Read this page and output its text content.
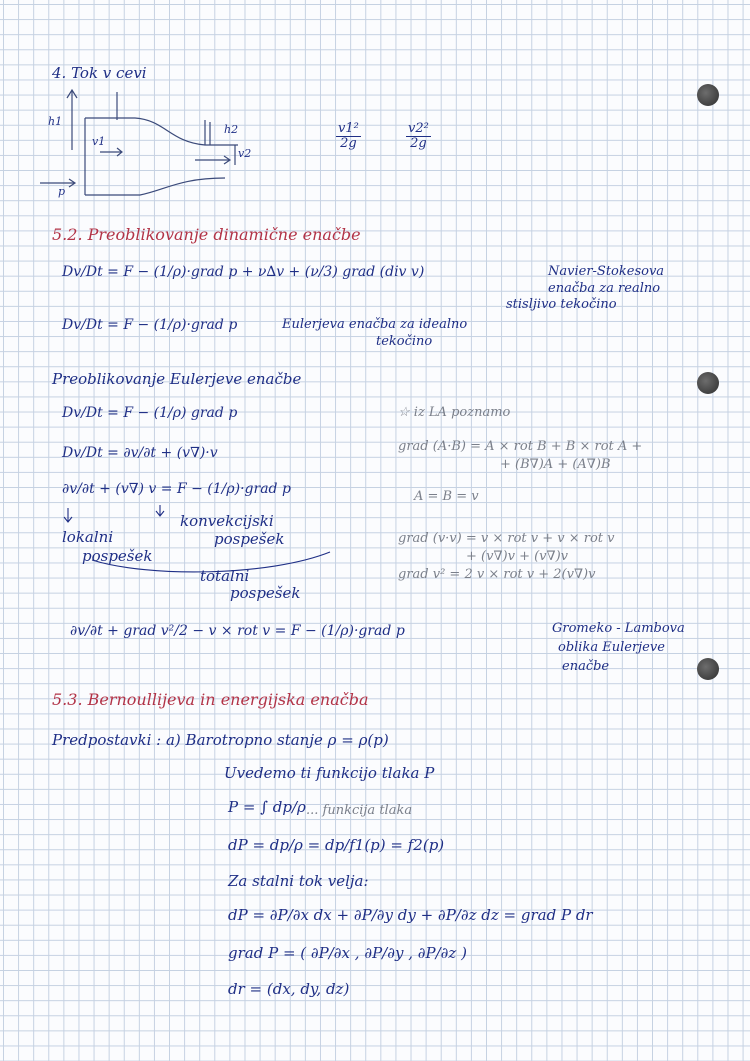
4. Tok v cevi
h1
v1
h2
v2
p
$\frac{\text{v1²}}{2g}$	$\frac{\text{v2²}}{2g}$
5.2. Preoblikovanje dinamične enačbe
Dv/Dt = F − (1/ρ)·grad p + ν∆v + (ν/3) grad (div v)	Navier-Stokesova
enačba za realno
stisljivo tekočino
Dv/Dt = F − (1/ρ)·grad p	Eulerjeva enačba za idealno
tekočino
Preoblikovanje Eulerjeve enačbe
Dv/Dt = F − (1/ρ) grad p
Dv/Dt = ∂v/∂t + (v∇)·v
∂v/∂t + (v∇) v = F − (1/ρ)·grad p
konvekcijski
pospešek
lokalni
pospešek
totalni
pospešek
☆ iz LA poznamo
grad (A·B) = A × rot B + B × rot A +
+ (B∇)A + (A∇)B
A = B = v
grad (v·v) = v × rot v + v × rot v
+ (v∇)v + (v∇)v
grad v² = 2 v × rot v + 2(v∇)v
∂v/∂t + grad v²/2 − v × rot v = F − (1/ρ)·grad p	Gromeko - Lambova
oblika Eulerjeve
enačbe
5.3. Bernoullijeva in energijska enačba
Predpostavki : a) Barotropno stanje ρ = ρ(p)
Uvedemo ti funkcijo tlaka P
P = ∫ dp/ρ ... funkcija tlaka
dP = dp/ρ = dp/f1(p) = f2(p)
Za stalni tok velja:
dP = ∂P/∂x dx + ∂P/∂y dy + ∂P/∂z dz = grad P dr
grad P = ( ∂P/∂x , ∂P/∂y , ∂P/∂z )
dr = (dx, dy, dz)
